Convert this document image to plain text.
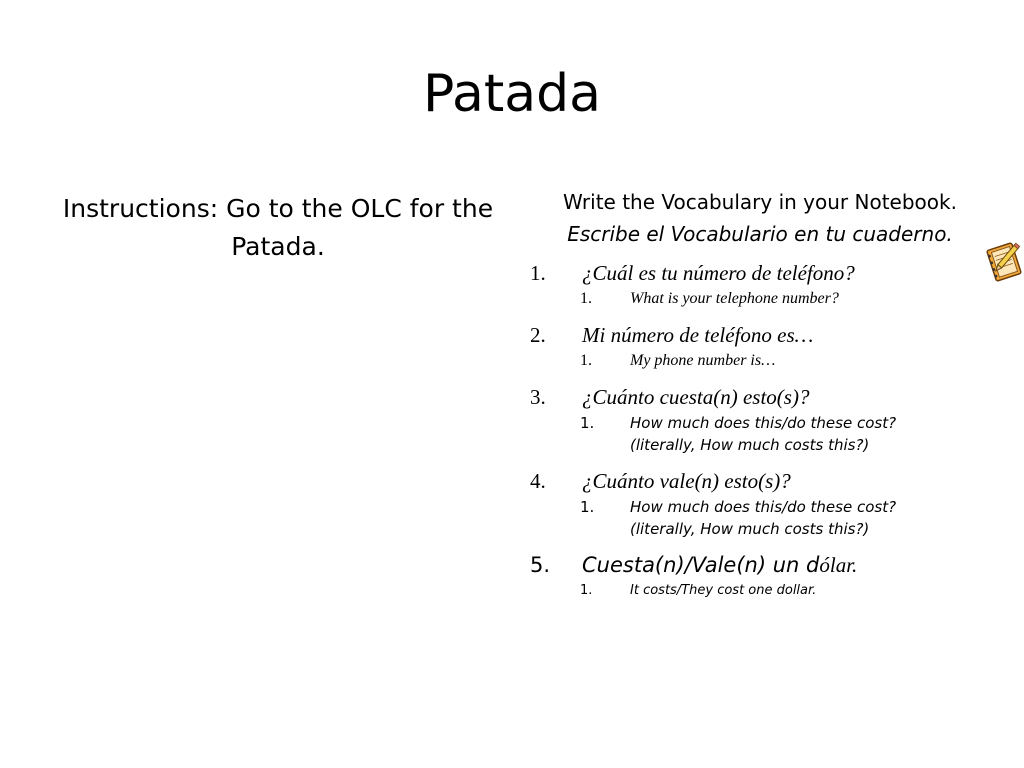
Patada
Instructions: Go to the OLC for the Patada.
Write the Vocabulary in your Notebook.
Escribe el Vocabulario en tu cuaderno.
1. ¿Cuál es tu número de teléfono?
1. What is your telephone number?
2. Mi número de teléfono es…
1. My phone number is…
3. ¿Cuánto cuesta(n) esto(s)?
1. How much does this/do these cost?
(literally, How much costs this?)
4. ¿Cuánto vale(n) esto(s)?
1. How much does this/do these cost?
(literally, How much costs this?)
5. Cuesta(n)/Vale(n) un dólar.
1.	It costs/They cost one dollar.
